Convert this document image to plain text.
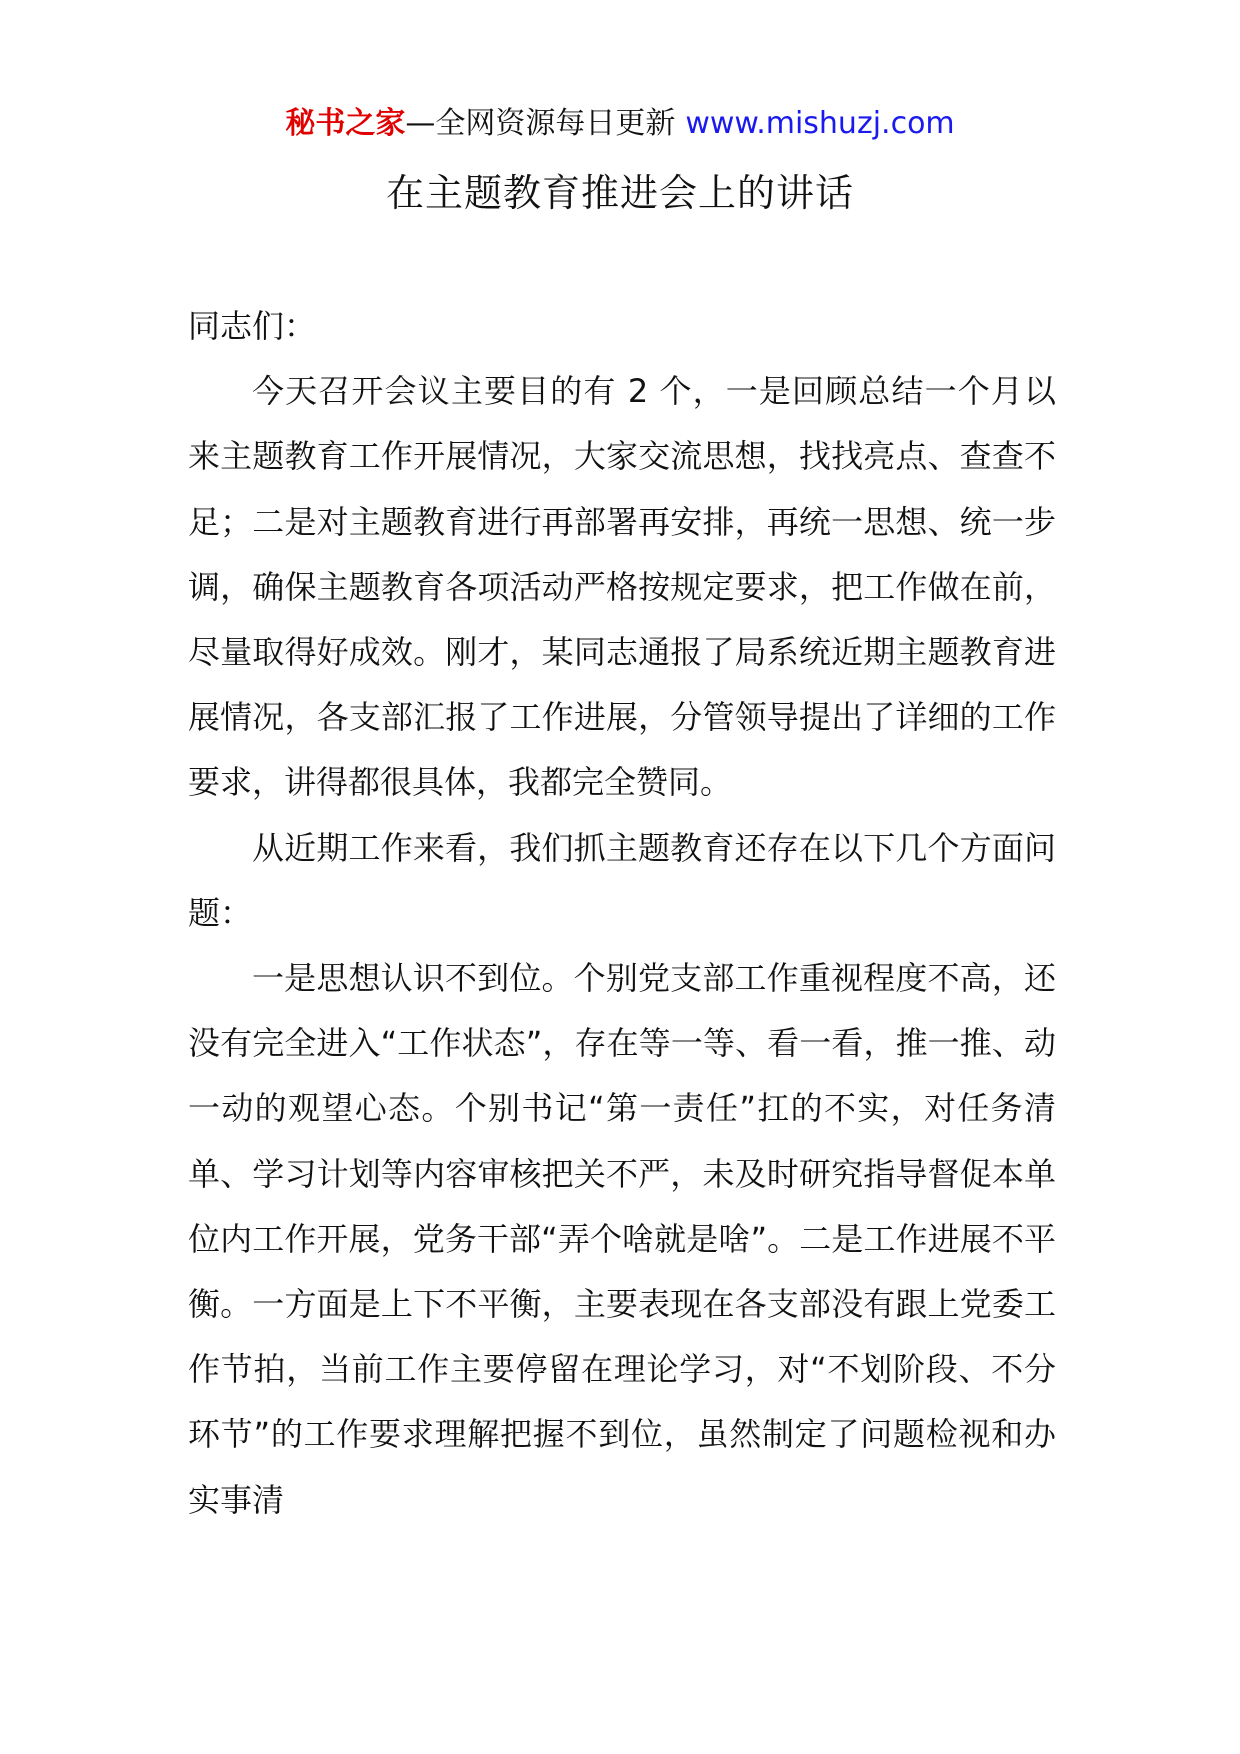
秘书之家—全网资源每日更新 www.mishuzj.com
在主题教育推进会上的讲话

同志们：

今天召开会议主要目的有 2 个，一是回顾总结一个月以来主题教育工作开展情况，大家交流思想，找找亮点、查查不足；二是对主题教育进行再部署再安排，再统一思想、统一步调，确保主题教育各项活动严格按规定要求，把工作做在前，尽量取得好成效。刚才，某同志通报了局系统近期主题教育进展情况，各支部汇报了工作进展，分管领导提出了详细的工作要求，讲得都很具体，我都完全赞同。

从近期工作来看，我们抓主题教育还存在以下几个方面问题：

一是思想认识不到位。个别党支部工作重视程度不高，还没有完全进入“工作状态”，存在等一等、看一看，推一推、动一动的观望心态。个别书记“第一责任”扛的不实，对任务清单、学习计划等内容审核把关不严，未及时研究指导督促本单位内工作开展，党务干部“弄个啥就是啥”。二是工作进展不平衡。一方面是上下不平衡，主要表现在各支部没有跟上党委工作节拍，当前工作主要停留在理论学习，对“不划阶段、不分环节”的工作要求理解把握不到位，虽然制定了问题检视和办实事清
